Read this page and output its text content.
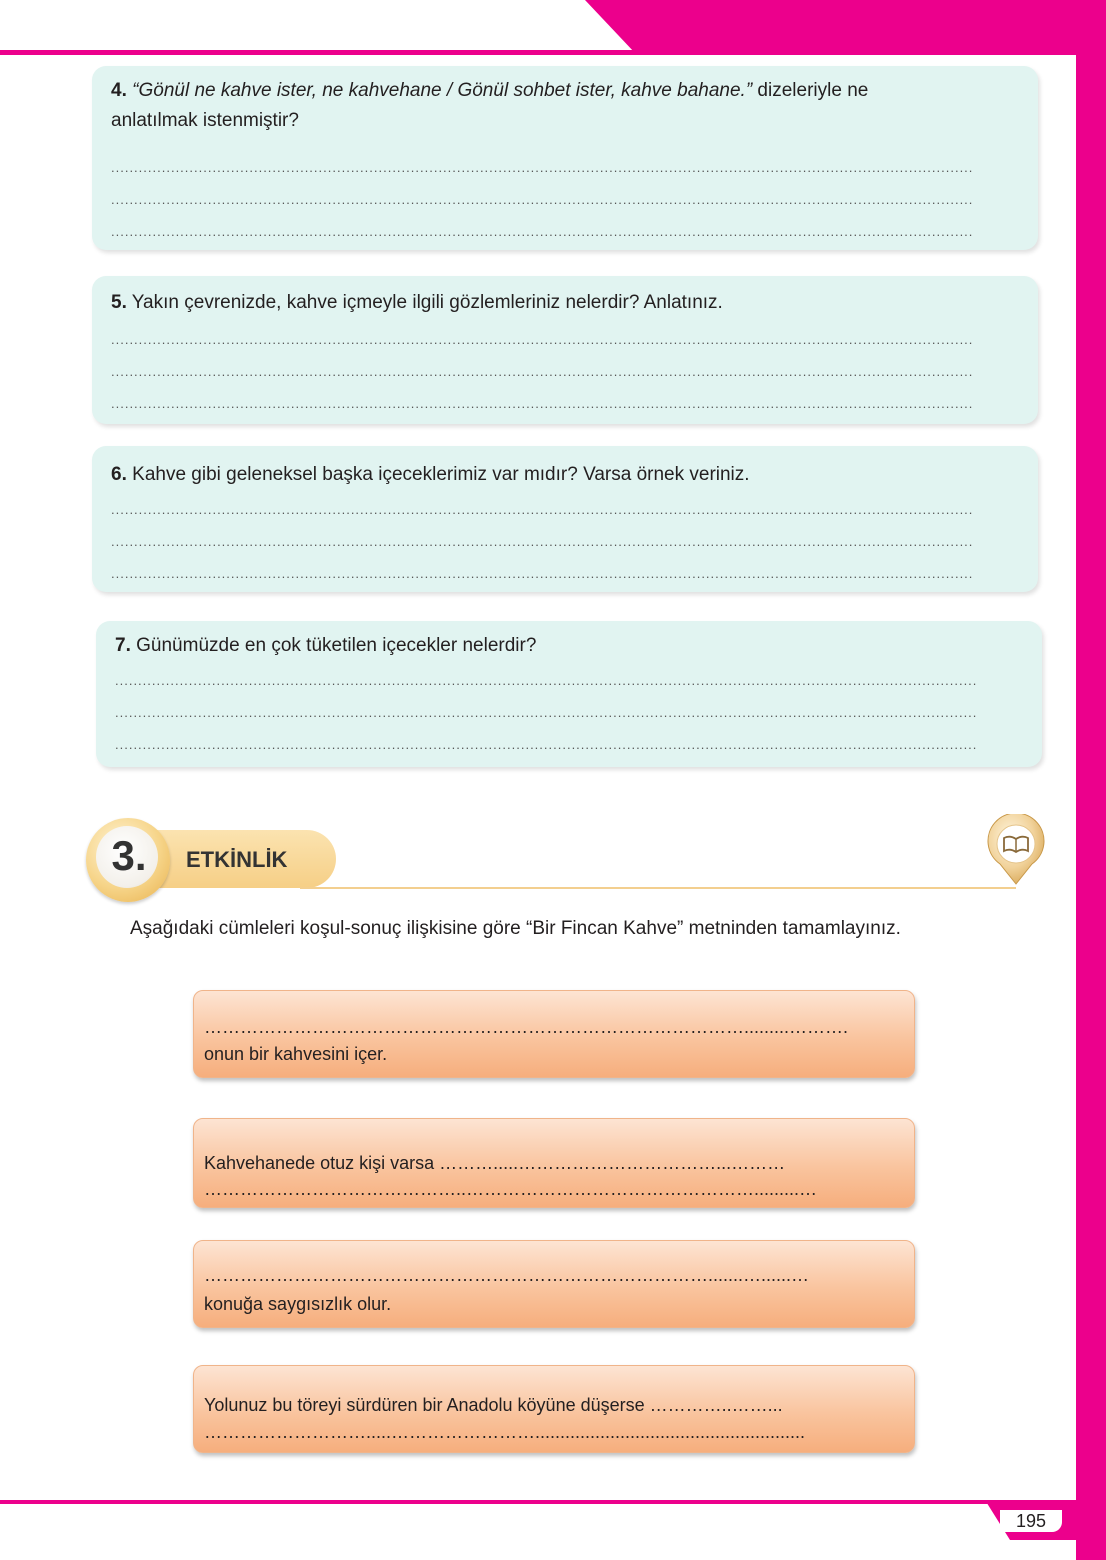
4. “Gönül ne kahve ister, ne kahvehane / Gönül sohbet ister, kahve bahane.” dizeleriyle ne
anlatılmak istenmiştir?
...........................................................................................................................................................................................
...........................................................................................................................................................................................
...........................................................................................................................................................................................
5. Yakın çevrenizde, kahve içmeyle ilgili gözlemleriniz nelerdir? Anlatınız.
...........................................................................................................................................................................................
...........................................................................................................................................................................................
...........................................................................................................................................................................................
6. Kahve gibi geleneksel başka içeceklerimiz var mıdır? Varsa örnek veriniz.
...........................................................................................................................................................................................
...........................................................................................................................................................................................
...........................................................................................................................................................................................
7. Günümüzde en çok tüketilen içecekler nelerdir?
...........................................................................................................................................................................................
...........................................................................................................................................................................................
...........................................................................................................................................................................................
3.	ETKİNLİK
Aşağıdaki cümleleri koşul-sonuç ilişkisine göre “Bir Fincan Kahve” metninden tamamlayınız.
……………………………………………………………………………….........……….
onun bir kahvesini içer.
Kahvehanede otuz kişi varsa ……….....……………………………...………
……………………………………..………………………………………….........…
………………………………………………………………………….......…......…
konuğa saygısızlık olur.
Yolunuz bu töreyi sürdüren bir Anadolu köyüne düşerse …………..……...
……………………….....……………………......................................................
195
